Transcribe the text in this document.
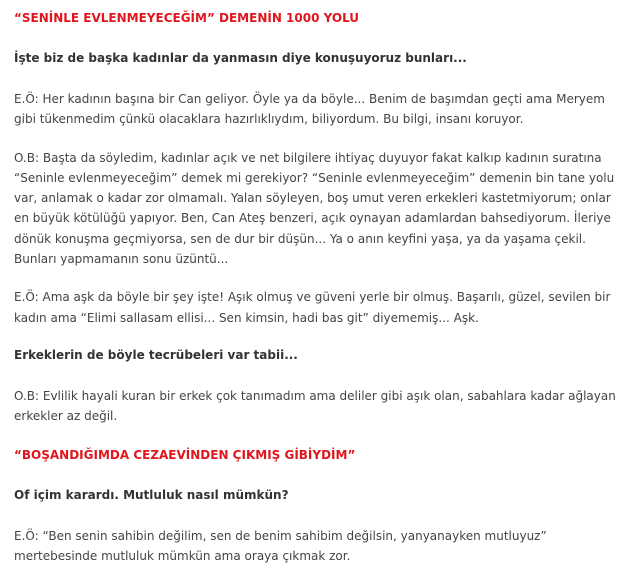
“SENİNLE EVLENMEYECEĞİM” DEMENİN 1000 YOLU

İşte biz de başka kadınlar da yanmasın diye konuşuyoruz bunları...

E.Ö: Her kadının başına bir Can geliyor. Öyle ya da böyle... Benim de başımdan geçti ama Meryem
gibi tükenmedim çünkü olacaklara hazırlıklıydım, biliyordum. Bu bilgi, insanı koruyor.

O.B: Başta da söyledim, kadınlar açık ve net bilgilere ihtiyaç duyuyor fakat kalkıp kadının suratına
“Seninle evlenmeyeceğim” demek mi gerekiyor? “Seninle evlenmeyeceğim” demenin bin tane yolu
var, anlamak o kadar zor olmamalı. Yalan söyleyen, boş umut veren erkekleri kastetmiyorum; onlar
en büyük kötülüğü yapıyor. Ben, Can Ateş benzeri, açık oynayan adamlardan bahsediyorum. İleriye
dönük konuşma geçmiyorsa, sen de dur bir düşün... Ya o anın keyfini yaşa, ya da yaşama çekil.
Bunları yapmamanın sonu üzüntü...

E.Ö: Ama aşk da böyle bir şey işte! Aşık olmuş ve güveni yerle bir olmuş. Başarılı, güzel, sevilen bir
kadın ama “Elimi sallasam ellisi... Sen kimsin, hadi bas git” diyememiş... Aşk.

Erkeklerin de böyle tecrübeleri var tabii...

O.B: Evlilik hayali kuran bir erkek çok tanımadım ama deliler gibi aşık olan, sabahlara kadar ağlayan
erkekler az değil.

“BOŞANDIĞIMDA CEZAEVİNDEN ÇIKMIŞ GİBİYDİM”

Of içim karardı. Mutluluk nasıl mümkün?

E.Ö: “Ben senin sahibin değilim, sen de benim sahibim değilsin, yanyanayken mutluyuz”
mertebesinde mutluluk mümkün ama oraya çıkmak zor.
